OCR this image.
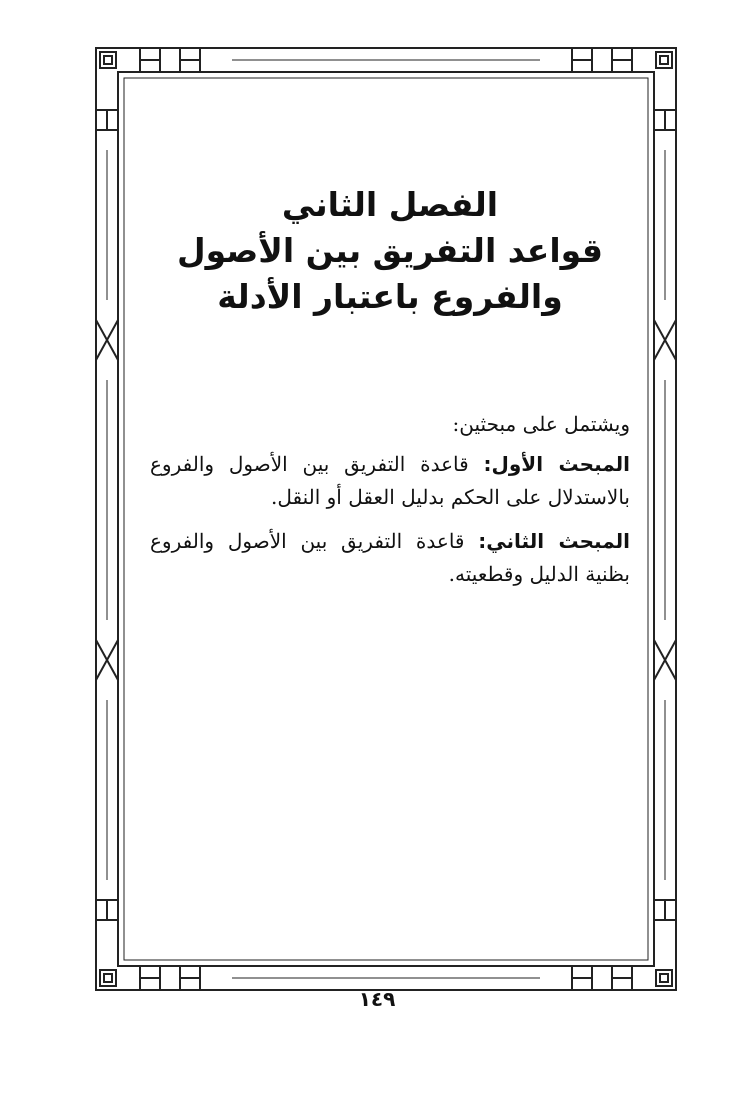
الفصل الثاني
قواعد التفريق بين الأصول
والفروع باعتبار الأدلة

ويشتمل على مبحثين:

المبحث الأول: قاعدة التفريق بين الأصول والفروع بالاستدلال على الحكم بدليل العقل أو النقل.

المبحث الثاني: قاعدة التفريق بين الأصول والفروع بظنية الدليل وقطعيته.

١٤٩
